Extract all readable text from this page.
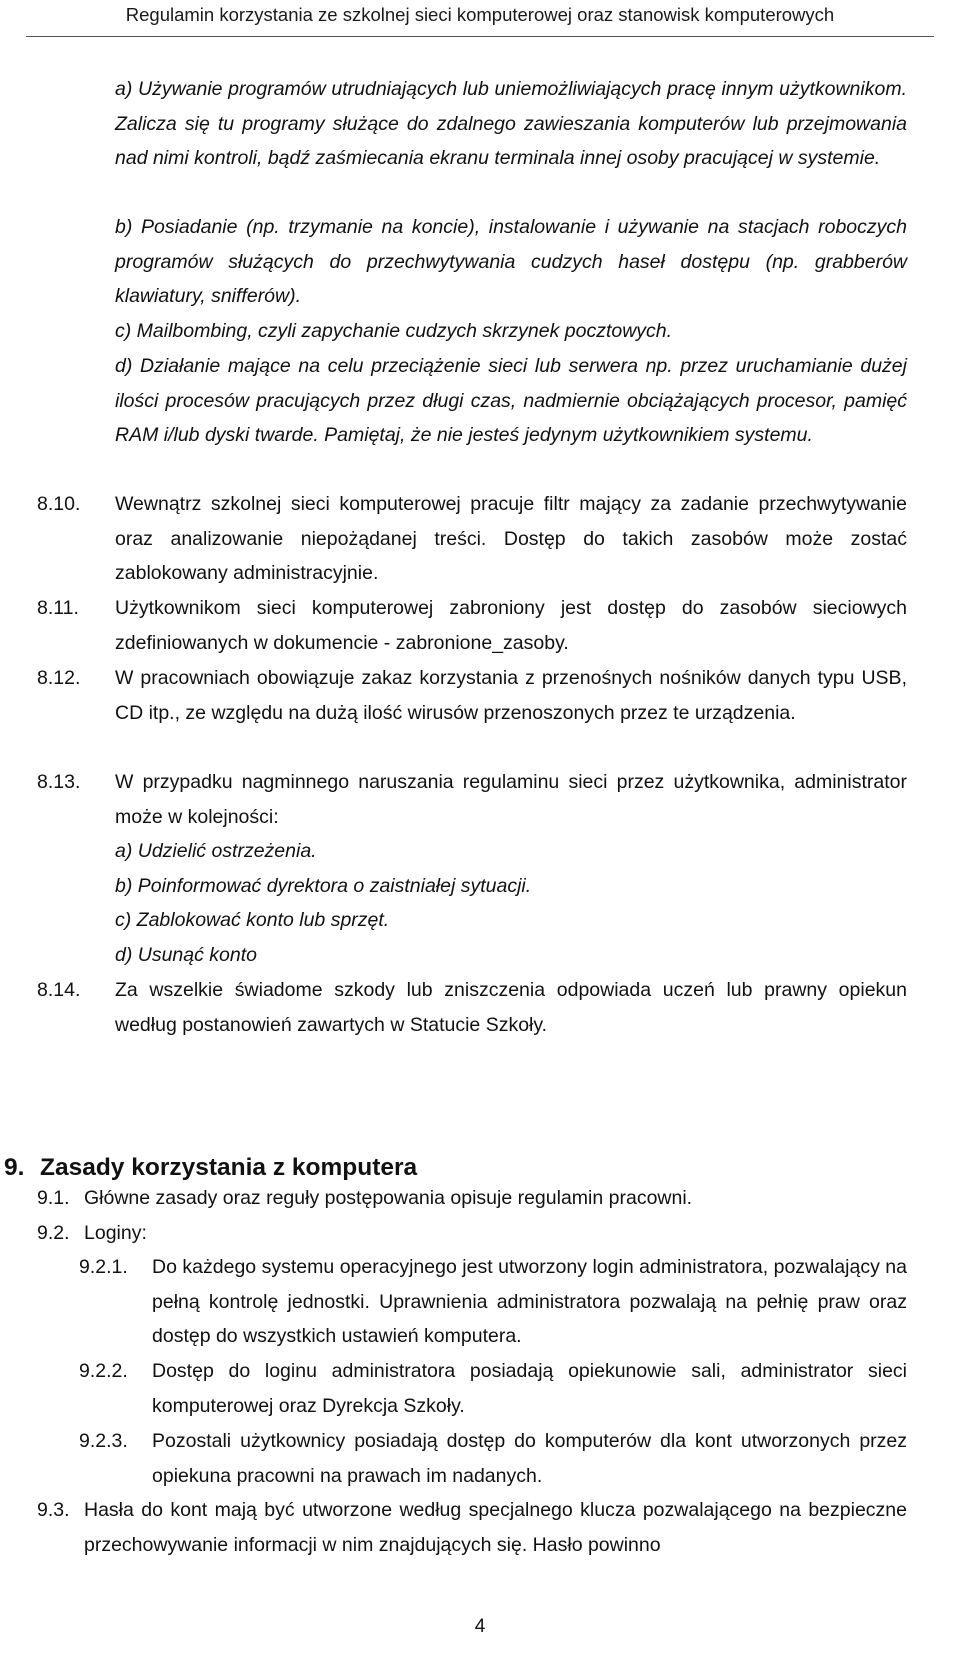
Regulamin korzystania ze szkolnej sieci komputerowej oraz stanowisk komputerowych

a) Używanie programów utrudniających lub uniemożliwiających pracę innym użytkownikom. Zalicza się tu programy służące do zdalnego zawieszania komputerów lub przejmowania nad nimi kontroli, bądź zaśmiecania ekranu terminala innej osoby pracującej w systemie.

b) Posiadanie (np. trzymanie na koncie), instalowanie i używanie na stacjach roboczych programów służących do przechwytywania cudzych haseł dostępu (np. grabberów klawiatury, snifferów).

c) Mailbombing, czyli zapychanie cudzych skrzynek pocztowych.

d) Działanie mające na celu przeciążenie sieci lub serwera np. przez uruchamianie dużej ilości procesów pracujących przez długi czas, nadmiernie obciążających procesor, pamięć RAM i/lub dyski twarde. Pamiętaj, że nie jesteś jedynym użytkownikiem systemu.

8.10. Wewnątrz szkolnej sieci komputerowej pracuje filtr mający za zadanie przechwytywanie oraz analizowanie niepożądanej treści. Dostęp do takich zasobów może zostać zablokowany administracyjnie.

8.11. Użytkownikom sieci komputerowej zabroniony jest dostęp do zasobów sieciowych zdefiniowanych w dokumencie - zabronione_zasoby.

8.12. W pracowniach obowiązuje zakaz korzystania z przenośnych nośników danych typu USB, CD itp., ze względu na dużą ilość wirusów przenoszonych przez te urządzenia.

8.13. W przypadku nagminnego naruszania regulaminu sieci przez użytkownika, administrator może w kolejności:

a) Udzielić ostrzeżenia.

b) Poinformować dyrektora o zaistniałej sytuacji.

c) Zablokować konto lub sprzęt.

d) Usunąć konto

8.14. Za wszelkie świadome szkody lub zniszczenia odpowiada uczeń lub prawny opiekun według postanowień zawartych w Statucie Szkoły.

9. Zasady korzystania z komputera
9.1. Główne zasady oraz reguły postępowania opisuje regulamin pracowni.

9.2. Loginy:

9.2.1. Do każdego systemu operacyjnego jest utworzony login administratora, pozwalający na pełną kontrolę jednostki. Uprawnienia administratora pozwalają na pełnię praw oraz dostęp do wszystkich ustawień komputera.

9.2.2. Dostęp do loginu administratora posiadają opiekunowie sali, administrator sieci komputerowej oraz Dyrekcja Szkoły.

9.2.3. Pozostali użytkownicy posiadają dostęp do komputerów dla kont utworzonych przez opiekuna pracowni na prawach im nadanych.

9.3. Hasła do kont mają być utworzone według specjalnego klucza pozwalającego na bezpieczne przechowywanie informacji w nim znajdujących się. Hasło powinno

4
